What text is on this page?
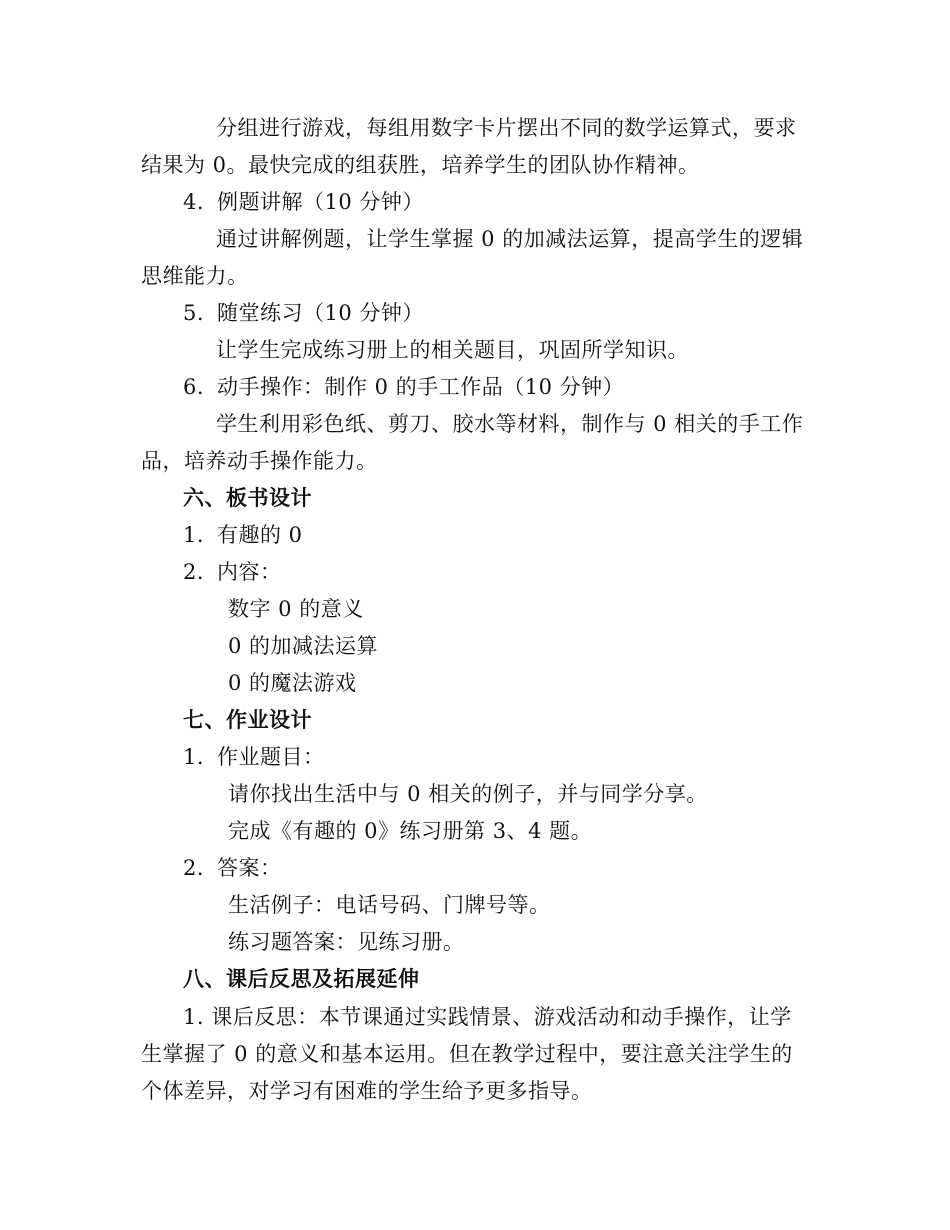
分组进行游戏，每组用数字卡片摆出不同的数学运算式，要求
结果为 0。最快完成的组获胜，培养学生的团队协作精神。
4. 例题讲解（10 分钟）
通过讲解例题，让学生掌握 0 的加减法运算，提高学生的逻辑
思维能力。
5. 随堂练习（10 分钟）
让学生完成练习册上的相关题目，巩固所学知识。
6. 动手操作：制作 0 的手工作品（10 分钟）
学生利用彩色纸、剪刀、胶水等材料，制作与 0 相关的手工作
品，培养动手操作能力。
六、板书设计
1. 有趣的 0
2. 内容：
数字 0 的意义
0 的加减法运算
0 的魔法游戏
七、作业设计
1. 作业题目：
请你找出生活中与 0 相关的例子，并与同学分享。
完成《有趣的 0》练习册第 3、4 题。
2. 答案：
生活例子：电话号码、门牌号等。
练习题答案：见练习册。
八、课后反思及拓展延伸
1. 课后反思：本节课通过实践情景、游戏活动和动手操作，让学
生掌握了 0 的意义和基本运用。但在教学过程中，要注意关注学生的
个体差异，对学习有困难的学生给予更多指导。
